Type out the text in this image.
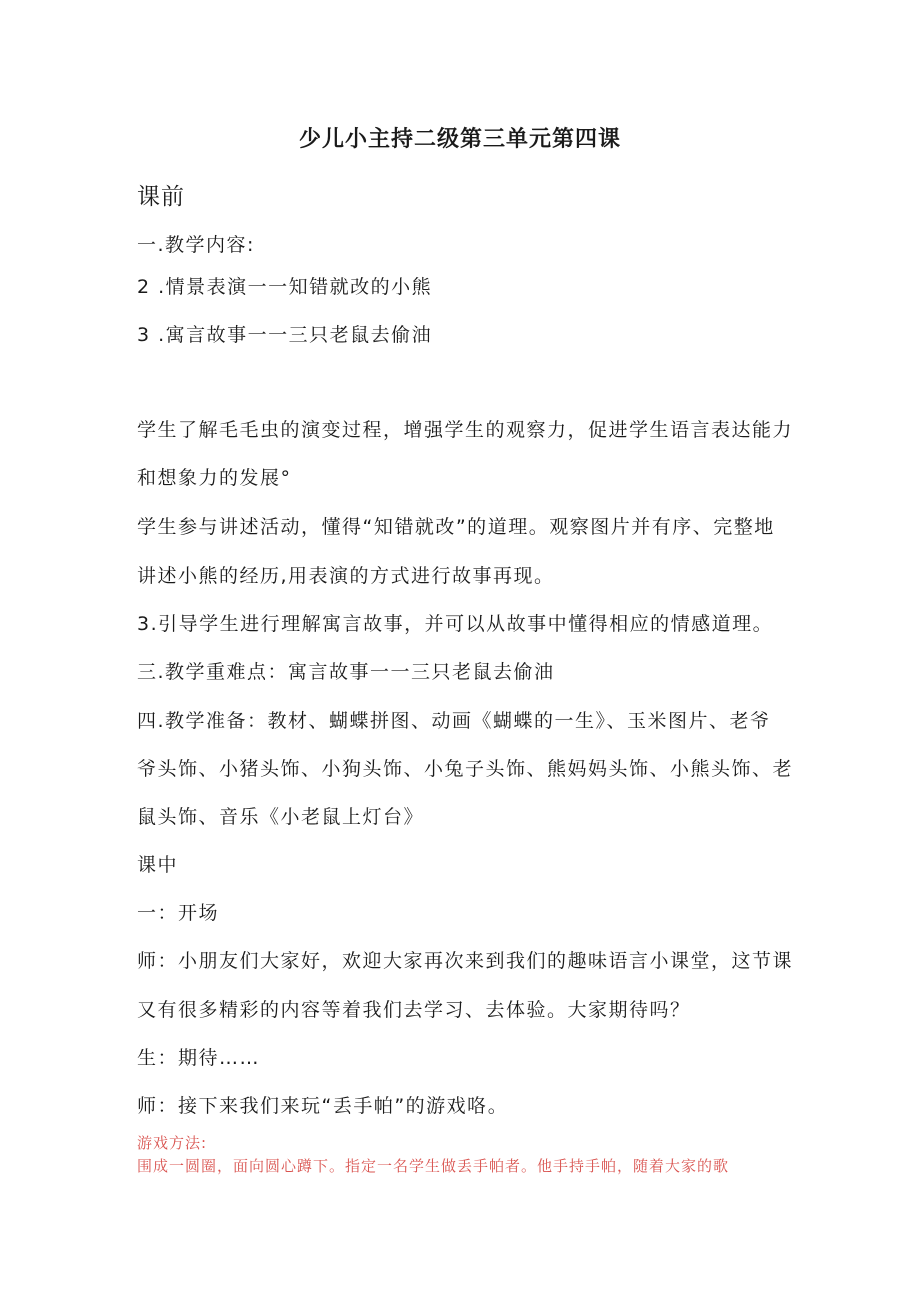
少儿小主持二级第三单元第四课
课前
一.教学内容:
2 .情景表演一一知错就改的小熊
3 .寓言故事一一三只老鼠去偷油
学生了解毛毛虫的演变过程，增强学生的观察力，促进学生语言表达能力
和想象力的发展°
学生参与讲述活动，懂得“知错就改”的道理。观察图片并有序、完整地
讲述小熊的经历,用表演的方式进行故事再现。
3.引导学生进行理解寓言故事，并可以从故事中懂得相应的情感道理。
三.教学重难点：寓言故事一一三只老鼠去偷油
四.教学准备：教材、蝴蝶拼图、动画《蝴蝶的一生》、玉米图片、老爷
爷头饰、小猪头饰、小狗头饰、小兔子头饰、熊妈妈头饰、小熊头饰、老
鼠头饰、音乐《小老鼠上灯台》
课中
一：开场
师：小朋友们大家好，欢迎大家再次来到我们的趣味语言小课堂，这节课
又有很多精彩的内容等着我们去学习、去体验。大家期待吗？
生：期待……
师：接下来我们来玩“丢手帕”的游戏咯。
游戏方法:
围成一圆圈，面向圆心蹲下。指定一名学生做丢手帕者。他手持手帕，随着大家的歌
